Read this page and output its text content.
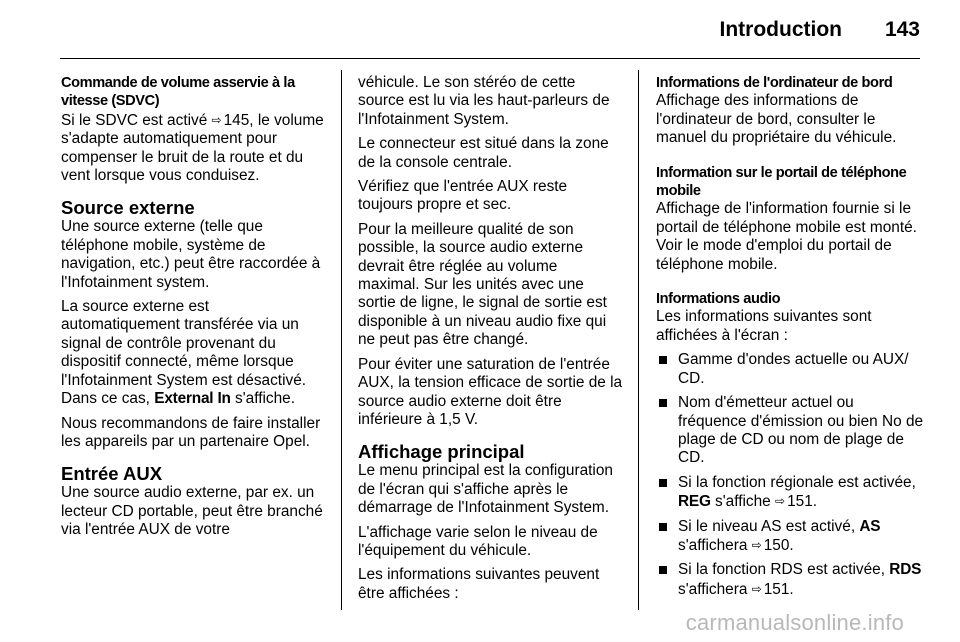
Introduction 143
Commande de volume asservie à la vitesse (SDVC)

Si le SDVC est activé ⇨ 145, le volume s'adapte automatiquement pour compenser le bruit de la route et du vent lorsque vous conduisez.

Source externe

Une source externe (telle que téléphone mobile, système de navigation, etc.) peut être raccordée à l'Infotainment system.

La source externe est automatiquement transférée via un signal de contrôle provenant du dispositif connecté, même lorsque l'Infotainment System est désactivé. Dans ce cas, External In s'affiche.

Nous recommandons de faire installer les appareils par un partenaire Opel.

Entrée AUX

Une source audio externe, par ex. un lecteur CD portable, peut être branché via l'entrée AUX de votre

véhicule. Le son stéréo de cette source est lu via les haut-parleurs de l'Infotainment System.

Le connecteur est situé dans la zone de la console centrale.

Vérifiez que l'entrée AUX reste toujours propre et sec.

Pour la meilleure qualité de son possible, la source audio externe devrait être réglée au volume maximal. Sur les unités avec une sortie de ligne, le signal de sortie est disponible à un niveau audio fixe qui ne peut pas être changé.

Pour éviter une saturation de l'entrée AUX, la tension efficace de sortie de la source audio externe doit être inférieure à 1,5 V.

Affichage principal

Le menu principal est la configuration de l'écran qui s'affiche après le démarrage de l'Infotainment System.

L'affichage varie selon le niveau de l'équipement du véhicule.

Les informations suivantes peuvent être affichées :

Informations de l'ordinateur de bord

Affichage des informations de l'ordinateur de bord, consulter le manuel du propriétaire du véhicule.

Information sur le portail de téléphone mobile

Affichage de l'information fournie si le portail de téléphone mobile est monté. Voir le mode d'emploi du portail de téléphone mobile.

Informations audio

Les informations suivantes sont affichées à l'écran :

Gamme d'ondes actuelle ou AUX/ CD.
Nom d'émetteur actuel ou fréquence d'émission ou bien No de plage de CD ou nom de plage de CD.
Si la fonction régionale est activée, REG s'affiche ⇨ 151.
Si le niveau AS est activé, AS s'affichera ⇨ 150.
Si la fonction RDS est activée, RDS s'affichera ⇨ 151.
carmanualsonline.info
